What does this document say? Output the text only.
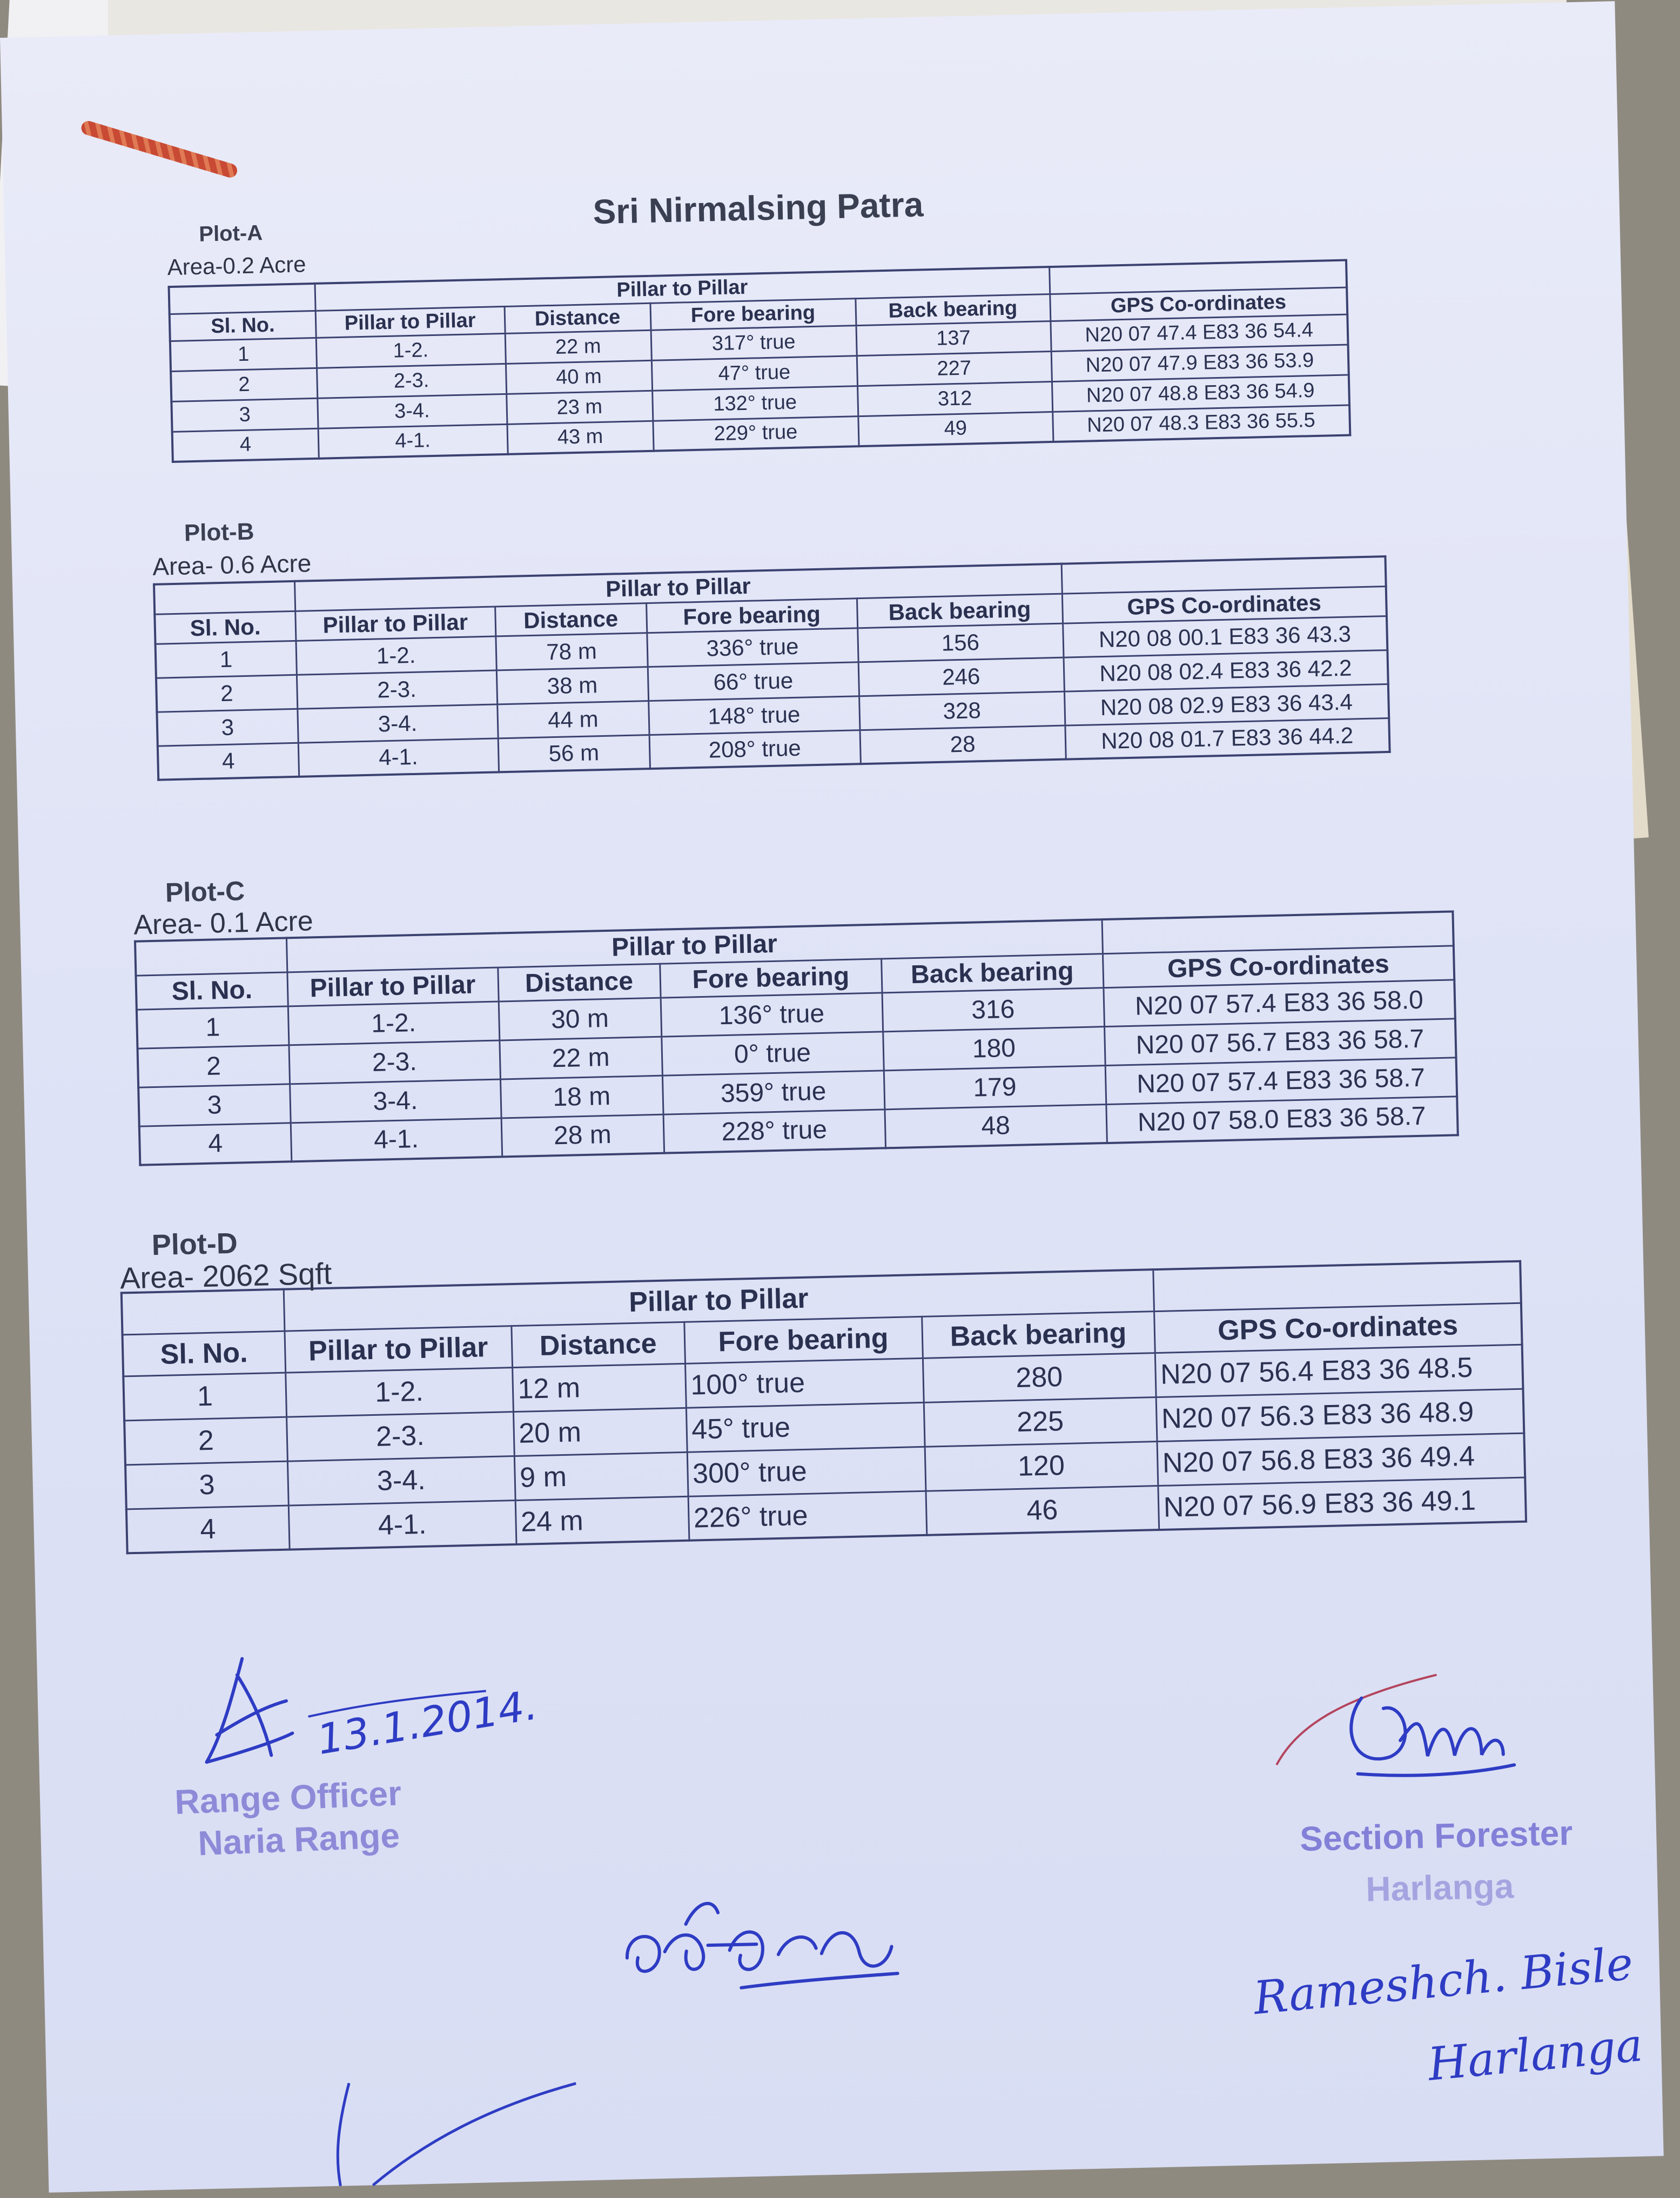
Sri Nirmalsing Patra

Plot-A

Area-0.2 Acre

	Pillar to Pillar				
Sl. No.	Pillar to Pillar	Distance	Fore bearing	Back bearing	GPS Co-ordinates
1	1-2.	22 m	317° true	137	N20 07 47.4 E83 36 54.4
2	2-3.	40 m	47° true	227	N20 07 47.9 E83 36 53.9
3	3-4.	23 m	132° true	312	N20 07 48.8 E83 36 54.9
4	4-1.	43 m	229° true	49	N20 07 48.3 E83 36 55.5

Plot-B

Area- 0.6 Acre

	Pillar to Pillar				
Sl. No.	Pillar to Pillar	Distance	Fore bearing	Back bearing	GPS Co-ordinates
1	1-2.	78 m	336° true	156	N20 08 00.1 E83 36 43.3
2	2-3.	38 m	66° true	246	N20 08 02.4 E83 36 42.2
3	3-4.	44 m	148° true	328	N20 08 02.9 E83 36 43.4
4	4-1.	56 m	208° true	28	N20 08 01.7 E83 36 44.2

Plot-C

Area- 0.1 Acre

	Pillar to Pillar				
Sl. No.	Pillar to Pillar	Distance	Fore bearing	Back bearing	GPS Co-ordinates
1	1-2.	30 m	136° true	316	N20 07 57.4 E83 36 58.0
2	2-3.	22 m	0° true	180	N20 07 56.7 E83 36 58.7
3	3-4.	18 m	359° true	179	N20 07 57.4 E83 36 58.7
4	4-1.	28 m	228° true	48	N20 07 58.0 E83 36 58.7

Plot-D

Area- 2062 Sqft

	Pillar to Pillar				
Sl. No.	Pillar to Pillar	Distance	Fore bearing	Back bearing	GPS Co-ordinates
1	1-2.	12 m	100° true	280	N20 07 56.4 E83 36 48.5
2	2-3.	20 m	45° true	225	N20 07 56.3 E83 36 48.9
3	3-4.	9 m	300° true	120	N20 07 56.8 E83 36 49.4
4	4-1.	24 m	226° true	46	N20 07 56.9 E83 36 49.1
13.1.2014.
Range Officer
Naria Range	Section Forester
Harlanga
Rameshch. Bisle
Harlanga
